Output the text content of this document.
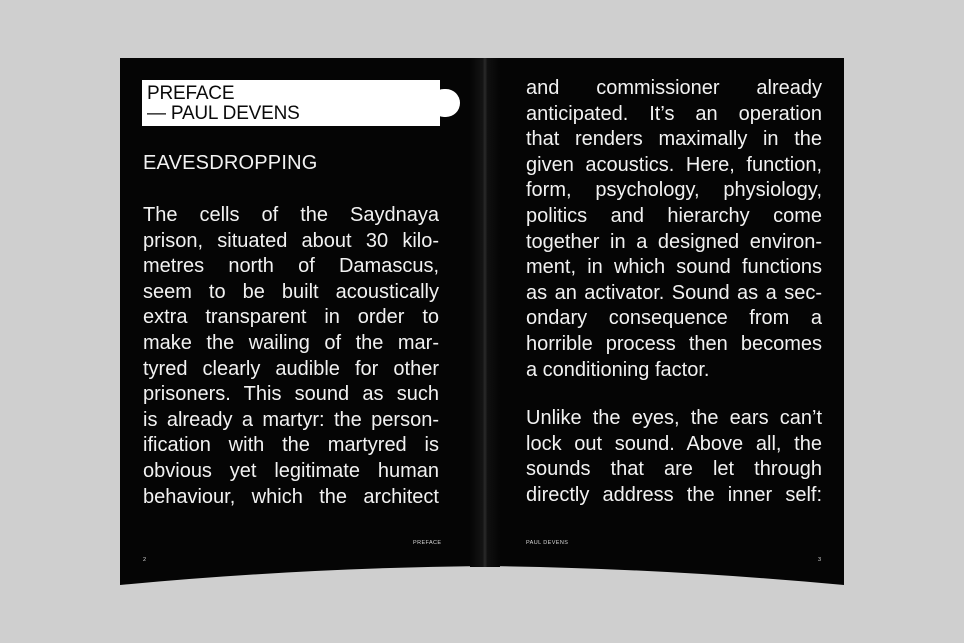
PREFACE
— PAUL DEVENS
EAVESDROPPING
The cells of the Saydnaya
prison, situated about 30 kilo-
metres north of Damascus,
seem to be built acoustically
extra transparent in order to
make the wailing of the mar-
tyred clearly audible for other
prisoners. This sound as such
is already a martyr: the person-
ification with the martyred is
obvious yet legitimate human
behaviour, which the architect
2
PREFACE
and commissioner already
anticipated. It’s an operation
that renders maximally in the
given acoustics. Here, function,
form, psychology, physiology,
politics and hierarchy come
together in a designed environ-
ment, in which sound functions
as an activator. Sound as a sec-
ondary consequence from a
horrible process then becomes
a conditioning factor.
Unlike the eyes, the ears can’t
lock out sound. Above all, the
sounds that are let through
directly address the inner self:
PAUL DEVENS
3
